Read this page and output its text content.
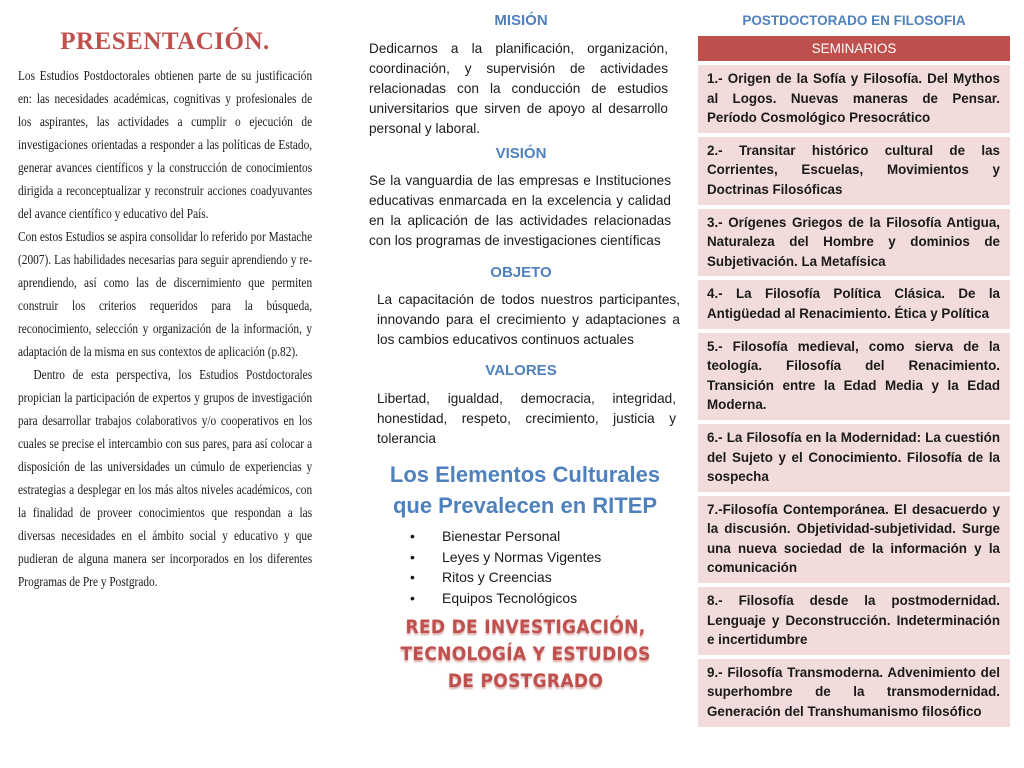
PRESENTACIÓN.

Los Estudios Postdoctorales obtienen parte de su justificación en: las necesidades académicas, cognitivas y profesionales de los aspirantes, las actividades a cumplir o ejecución de investigaciones orientadas a responder a las políticas de Estado, generar avances científicos y la construcción de conocimientos dirigida a reconceptualizar y reconstruir acciones coadyuvantes del avance científico y educativo del País.

Con estos Estudios se aspira consolidar lo referido por Mastache (2007). Las habilidades necesarias para seguir aprendiendo y re-aprendiendo, así como las de discernimiento que permiten construir los criterios requeridos para la búsqueda, reconocimiento, selección y organización de la información, y adaptación de la misma en sus contextos de aplicación (p.82).

Dentro de esta perspectiva, los Estudios Postdoctorales propician la participación de expertos y grupos de investigación para desarrollar trabajos colaborativos y/o cooperativos en los cuales se precise el intercambio con sus pares, para así colocar a disposición de las universidades un cúmulo de experiencias y estrategias a desplegar en los más altos niveles académicos, con la finalidad de proveer conocimientos que respondan a las diversas necesidades en el ámbito social y educativo y que pudieran de alguna manera ser incorporados en los diferentes Programas de Pre y Postgrado.

MISIÓN

Dedicarnos a la planificación, organización, coordinación, y supervisión de actividades relacionadas con la conducción de estudios universitarios que sirven de apoyo al desarrollo personal y laboral.

VISIÓN

Se la vanguardia de las empresas e Instituciones educativas enmarcada en la excelencia y calidad en la aplicación de las actividades relacionadas con los programas de investigaciones científicas

OBJETO

La capacitación de todos nuestros participantes, innovando para el crecimiento y adaptaciones a los cambios educativos continuos actuales

VALORES

Libertad, igualdad, democracia, integridad, honestidad, respeto, crecimiento, justicia y tolerancia

Los Elementos Culturales que Prevalecen en RITEP
• Bienestar Personal
• Leyes y Normas Vigentes
• Ritos y Creencias
• Equipos Tecnológicos
RED DE INVESTIGACIÓN, TECNOLOGÍA Y ESTUDIOS DE POSTGRADO
POSTDOCTORADO EN FILOSOFIA
SEMINARIOS
1.- Origen de la Sofía y Filosofía. Del Mythos al Logos. Nuevas maneras de Pensar. Período Cosmológico Presocrático
2.- Transitar histórico cultural de las Corrientes, Escuelas, Movimientos y Doctrinas Filosóficas
3.- Orígenes Griegos de la Filosofía Antigua, Naturaleza del Hombre y dominios de Subjetivación. La Metafísica
4.- La Filosofía Política Clásica. De la Antigüedad al Renacimiento. Ética y Política
5.- Filosofía medieval, como sierva de la teología. Filosofía del Renacimiento. Transición entre la Edad Media y la Edad Moderna.
6.- La Filosofía en la Modernidad: La cuestión del Sujeto y el Conocimiento. Filosofía de la sospecha
7.-Filosofía Contemporánea. El desacuerdo y la discusión. Objetividad-subjetividad. Surge una nueva sociedad de la información y la comunicación
8.- Filosofía desde la postmodernidad. Lenguaje y Deconstrucción. Indeterminación e incertidumbre
9.- Filosofía Transmoderna. Advenimiento del superhombre de la transmodernidad. Generación del Transhumanismo filosófico
